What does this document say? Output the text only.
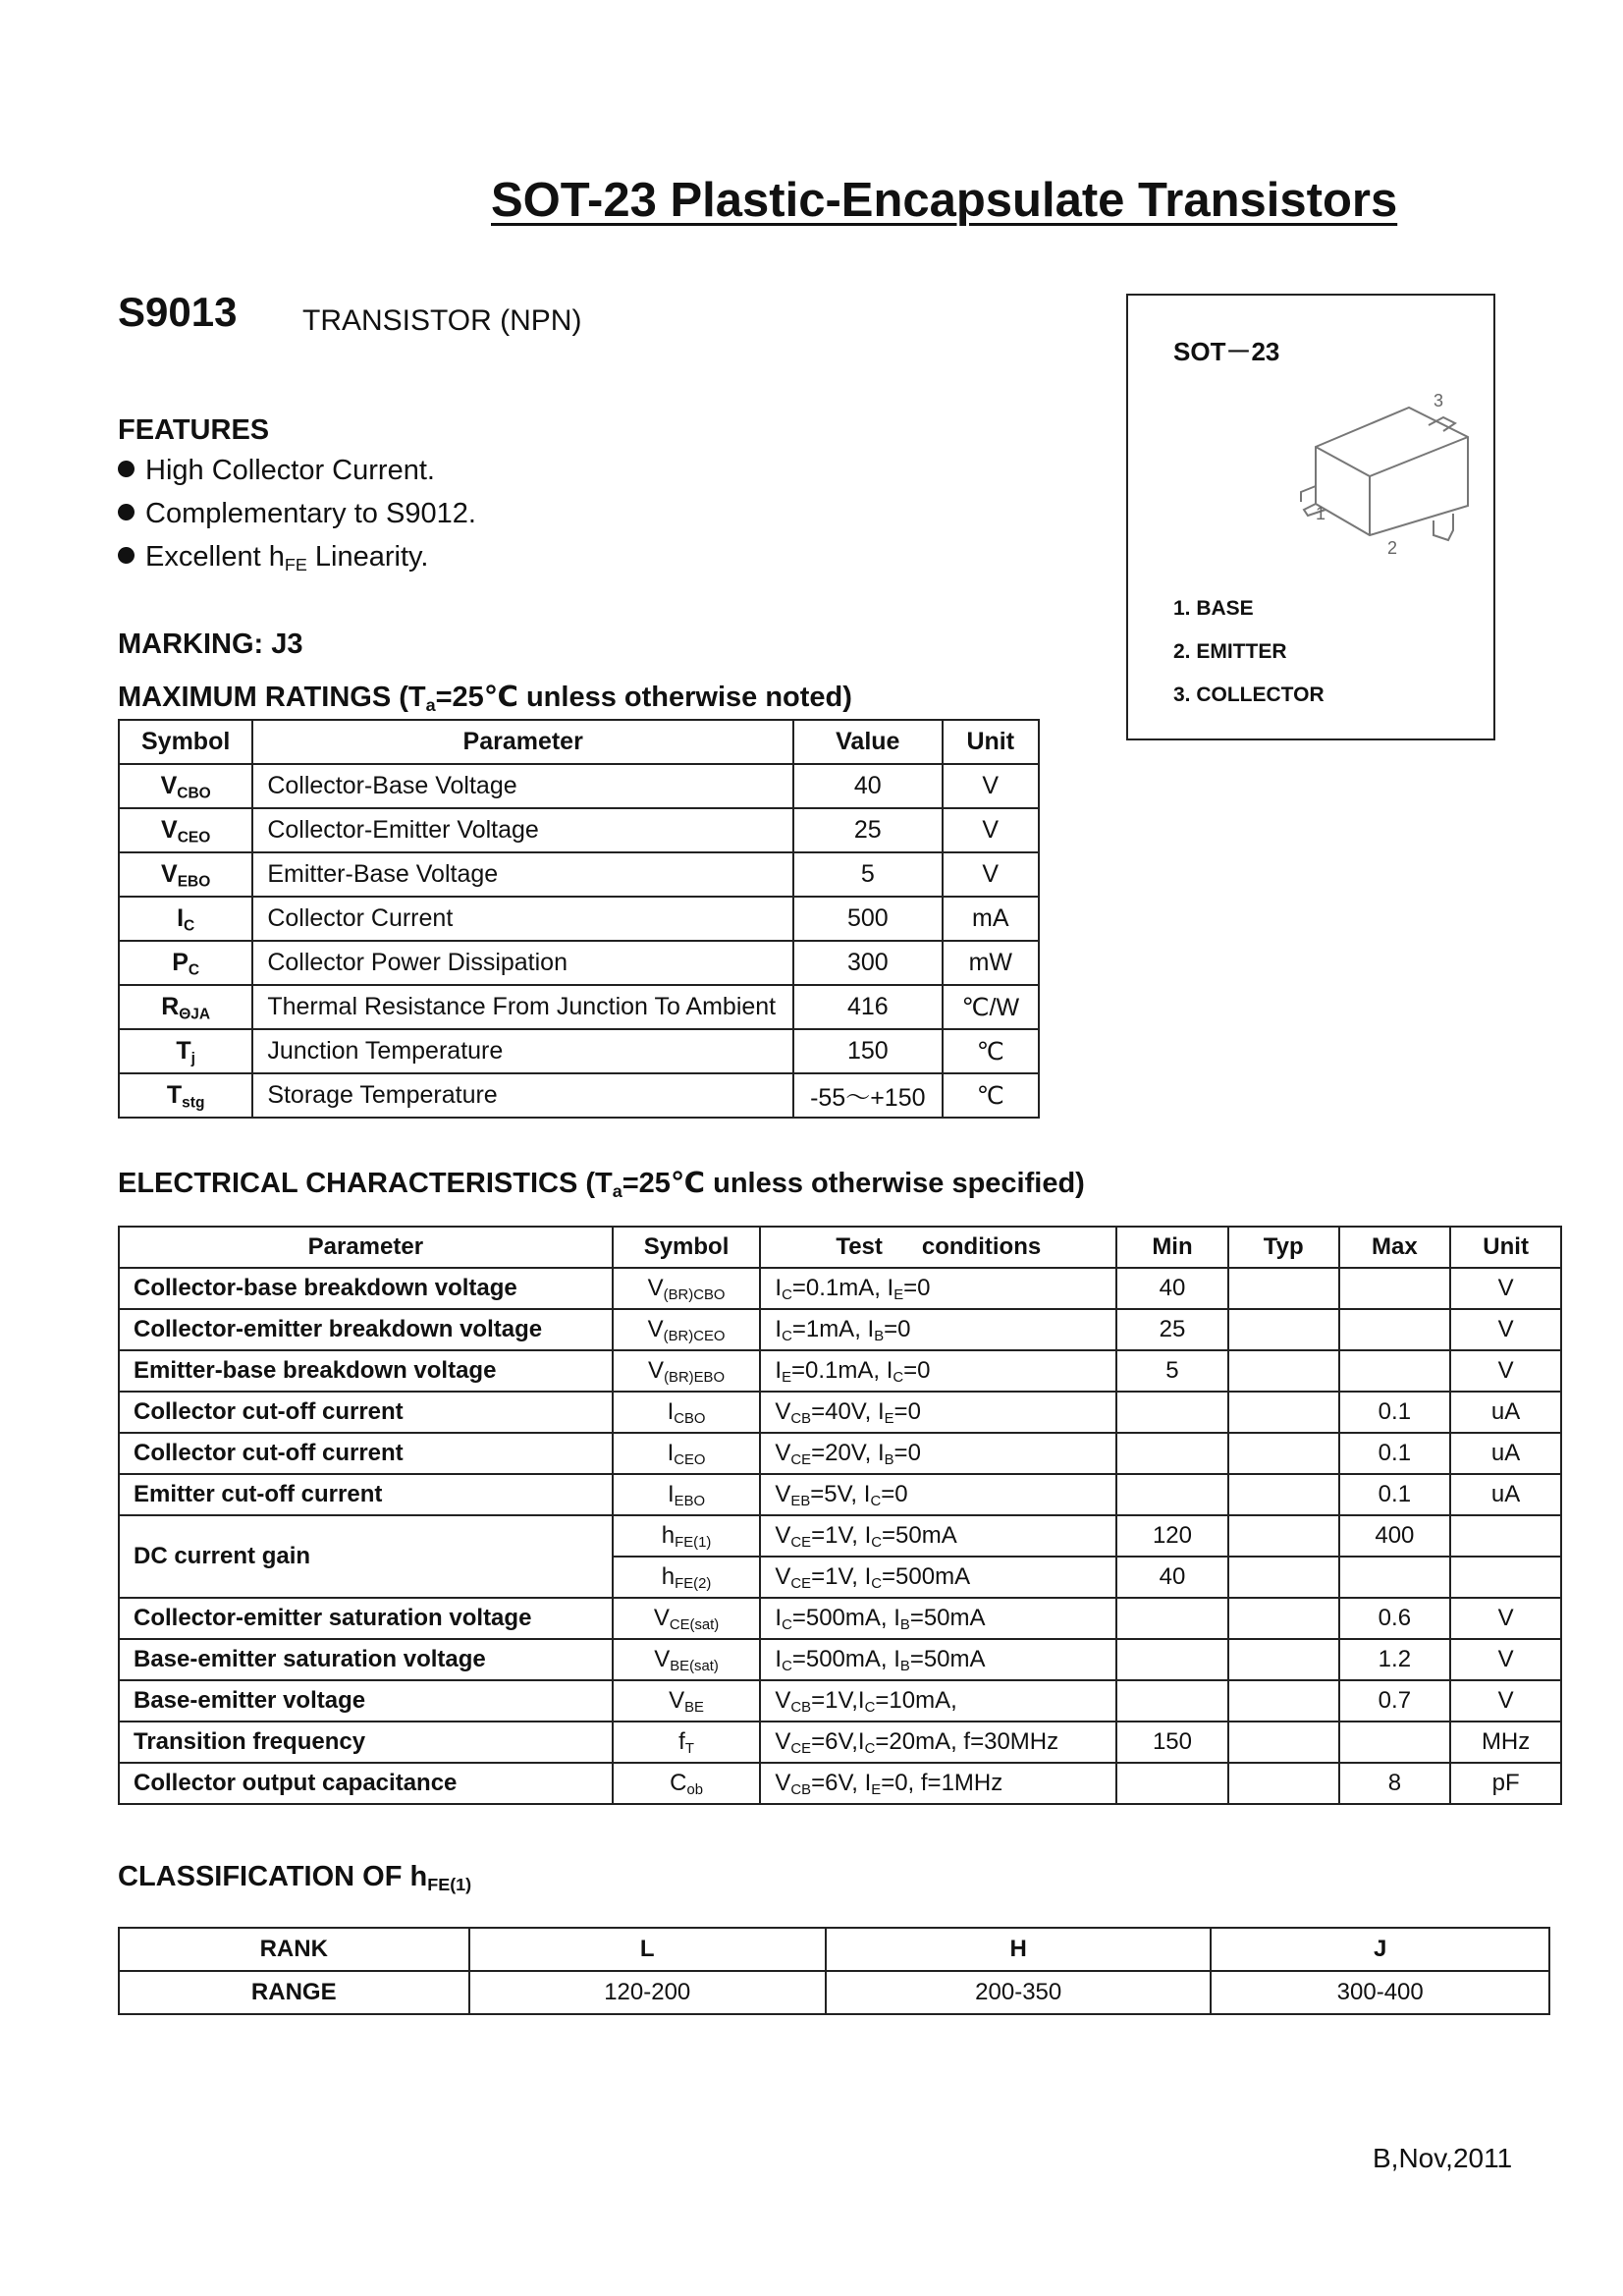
SOT-23 Plastic-Encapsulate Transistors
S9013 TRANSISTOR (NPN)
FEATURES
High Collector Current.
Complementary to S9012.
Excellent $h_{FE}$ Linearity.
MARKING: J3
MAXIMUM RATINGS ($T_a=25℃$ unless otherwise noted)
SOT－23
3
1
2
1. BASE
2. EMITTER
3. COLLECTOR
Symbol	Parameter	Value	Unit
$V_{CBO}$	Collector-Base Voltage	40	V
$V_{CEO}$	Collector-Emitter Voltage	25	V
$V_{EBO}$	Emitter-Base Voltage	5	V
$I_C$	Collector Current	500	mA
$P_C$	Collector Power Dissipation	300	mW
$R_{\Theta JA}$	Thermal Resistance From Junction To Ambient	416	℃/W
$T_j$	Junction Temperature	150	℃
$T_{stg}$	Storage Temperature	-55～+150	℃
ELECTRICAL CHARACTERISTICS ($T_a=25℃$ unless otherwise specified)
Parameter	Symbol	Test      conditions	Min	Typ	Max	Unit
Collector-base breakdown voltage	$V_{(BR)CBO}$	$I_C=0.1mA$, $I_E=0$	40			V
Collector-emitter breakdown voltage	$V_{(BR)CEO}$	$I_C=1mA$, $I_B=0$	25			V
Emitter-base breakdown voltage	$V_{(BR)EBO}$	$I_E=0.1mA$, $I_C=0$	5			V
Collector cut-off current	$I_{CBO}$	$V_{CB}=40V$, $I_E=0$			0.1	uA
Collector cut-off current	$I_{CEO}$	$V_{CE}=20V$, $I_B=0$			0.1	uA
Emitter cut-off current	$I_{EBO}$	$V_{EB}=5V$, $I_C=0$			0.1	uA
DC current gain	$h_{FE(1)}$	$V_{CE}=1V$, $I_C=50mA$	120		400	
	$h_{FE(2)}$	$V_{CE}=1V$, $I_C=500mA$	40			
Collector-emitter saturation voltage	$V_{CE(sat)}$	$I_C=500mA$, $I_B=50mA$			0.6	V
Base-emitter saturation voltage	$V_{BE(sat)}$	$I_C=500mA$, $I_B=50mA$			1.2	V
Base-emitter voltage	$V_{BE}$	$V_{CB}=1V,I_C=10mA$,			0.7	V
Transition frequency	$f_T$	$V_{CE}=6V,I_C=20mA$, f=30MHz	150			MHz
Collector output capacitance	$C_{ob}$	$V_{CB}=6V$, $I_E=0$, f=1MHz			8	pF
CLASSIFICATION OF $h_{FE(1)}$
RANK	L	H	J
RANGE	120-200	200-350	300-400
B,Nov,2011
